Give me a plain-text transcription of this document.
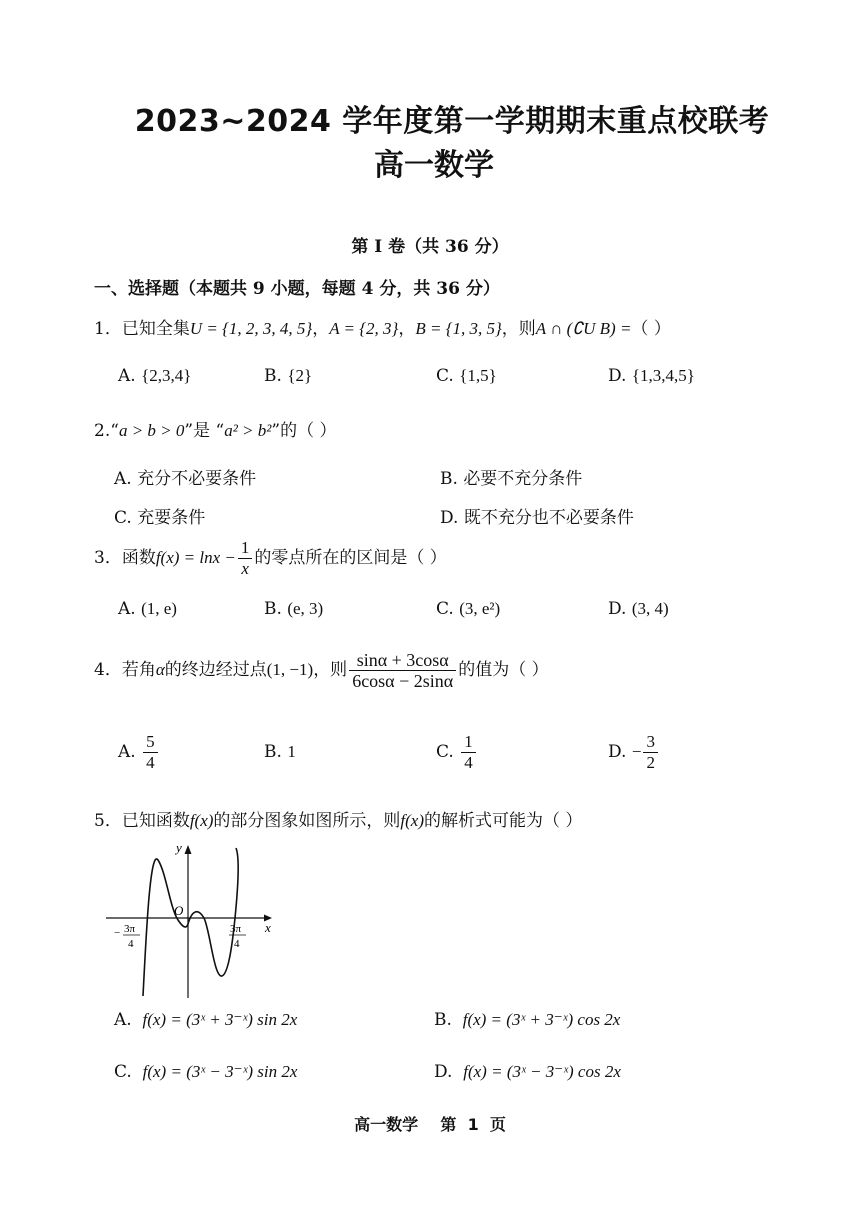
2023~2024 学年度第一学期期末重点校联考
高一数学
第 I 卷（共 36 分）
一、选择题（本题共 9 小题，每题 4 分，共 36 分）
1．已知全集U = {1, 2, 3, 4, 5}，A = {2, 3}，B = {1, 3, 5}，则A ∩ (∁U B) =（ ）
A. {2,3,4}	B. {2}	C. {1,5}	D. {1,3,4,5}
2.“a > b > 0”是 “a² > b²”的（ ）
A. 充分不必要条件	B. 必要不充分条件
C. 充要条件	D. 既不充分也不必要条件
3．函数$f(x) = \ln x - \frac{1}{x}$ 的零点所在的区间是（ ）
A. (1, e)	B. (e, 3)	C. (3, e²)	D. (3, 4)
4．若角α的终边经过点(1, −1)，则 $\frac{\sin\alpha + 3\cos\alpha}{6\cos\alpha - 2\sin\alpha}$ 的值为（ ）
A. $\frac{5}{4}$	B. 1	C. $\frac{1}{4}$	D. − $\frac{3}{2}$
5．已知函数f(x)的部分图象如图所示，则f(x)的解析式可能为（ ）
y
x
O
− 3π
4
3π
4
A. f(x) = (3ˣ + 3⁻ˣ) sin 2x	B. f(x) = (3ˣ + 3⁻ˣ) cos 2x
C. f(x) = (3ˣ − 3⁻ˣ) sin 2x	D. f(x) = (3ˣ − 3⁻ˣ) cos 2x
高一数学 第 1 页
